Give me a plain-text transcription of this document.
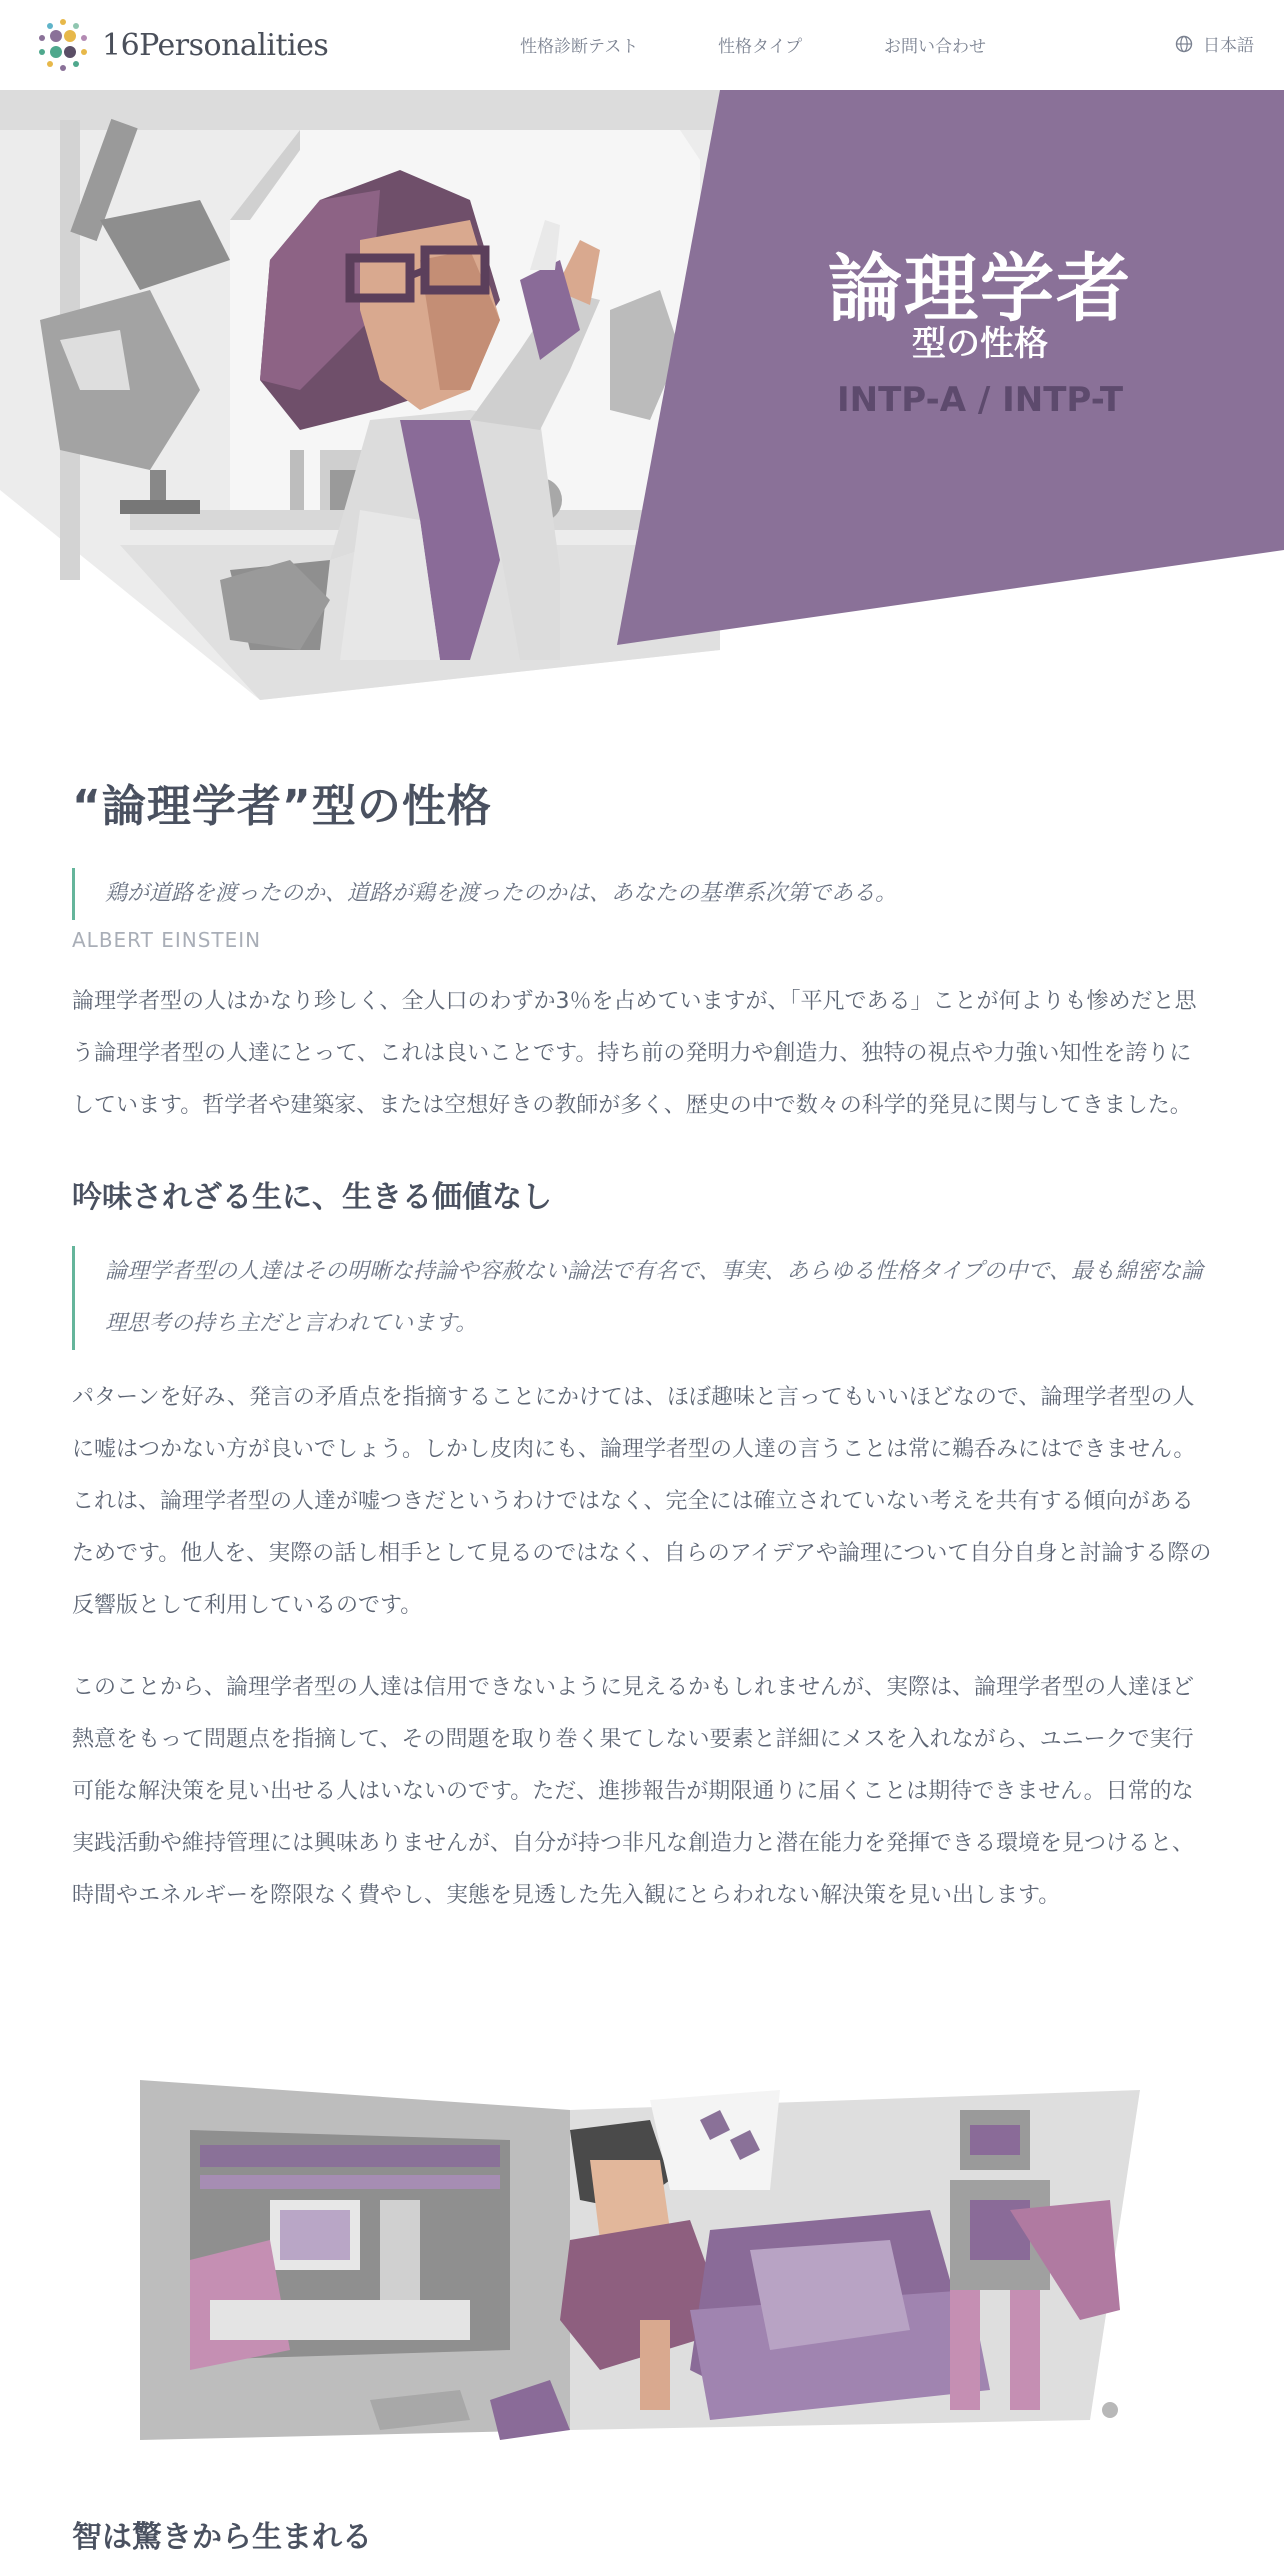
16Personalities	性格診断テスト	性格タイプ	お問い合わせ	日本語
論理学者
型の性格
INTP-A / INTP-T
“論理学者”型の性格
鶏が道路を渡ったのか、道路が鶏を渡ったのかは、あなたの基準系次第である。
ALBERT EINSTEIN

論理学者型の人はかなり珍しく、全人口のわずか3％を占めていますが、「平凡である」ことが何よりも惨めだと思う論理学者型の人達にとって、これは良いことです。持ち前の発明力や創造力、独特の視点や力強い知性を誇りにしています。哲学者や建築家、または空想好きの教師が多く、歴史の中で数々の科学的発見に関与してきました。

吟味されざる生に、生きる価値なし
論理学者型の人達はその明晰な持論や容赦ない論法で有名で、事実、あらゆる性格タイプの中で、最も綿密な論理思考の持ち主だと言われています。

パターンを好み、発言の矛盾点を指摘することにかけては、ほぼ趣味と言ってもいいほどなので、論理学者型の人に嘘はつかない方が良いでしょう。しかし皮肉にも、論理学者型の人達の言うことは常に鵜呑みにはできません。これは、論理学者型の人達が嘘つきだというわけではなく、完全には確立されていない考えを共有する傾向があるためです。他人を、実際の話し相手として見るのではなく、自らのアイデアや論理について自分自身と討論する際の反響版として利用しているのです。

このことから、論理学者型の人達は信用できないように見えるかもしれませんが、実際は、論理学者型の人達ほど熱意をもって問題点を指摘して、その問題を取り巻く果てしない要素と詳細にメスを入れながら、ユニークで実行可能な解決策を見い出せる人はいないのです。ただ、進捗報告が期限通りに届くことは期待できません。日常的な実践活動や維持管理には興味ありませんが、自分が持つ非凡な創造力と潜在能力を発揮できる環境を見つけると、時間やエネルギーを際限なく費やし、実態を見透した先入観にとらわれない解決策を見い出します。

智は驚きから生まれる
